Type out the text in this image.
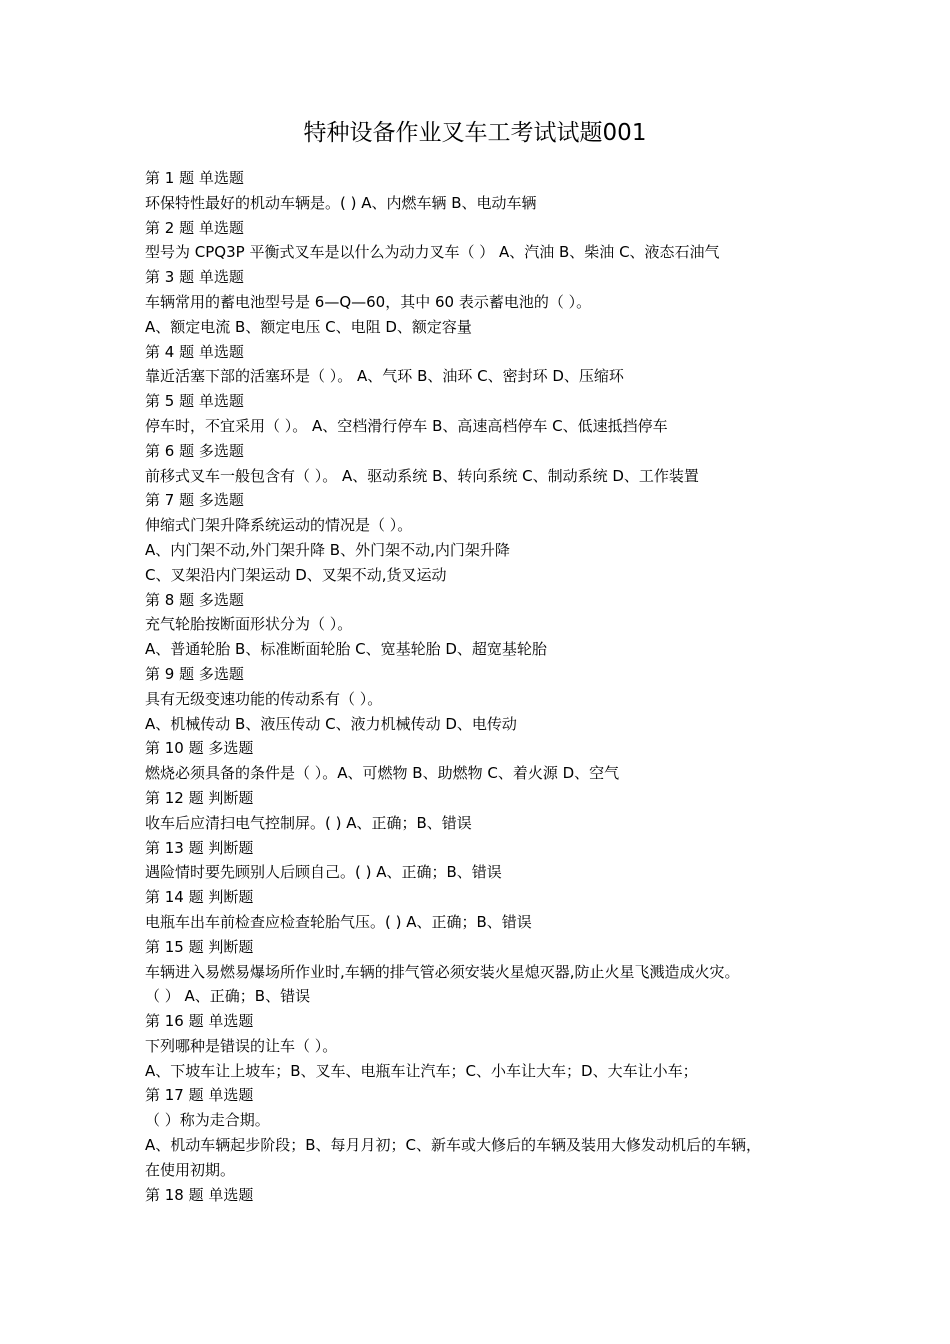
特种设备作业叉车工考试试题001
第 1 题 单选题
环保特性最好的机动车辆是。( ) A、内燃车辆 B、电动车辆
第 2 题 单选题
型号为 CPQ3P 平衡式叉车是以什么为动力叉车（ ） A、汽油 B、柴油 C、液态石油气
第 3 题 单选题
车辆常用的蓄电池型号是 6—Q—60，其中 60 表示蓄电池的（ ）。
A、额定电流 B、额定电压 C、电阻 D、额定容量
第 4 题 单选题
靠近活塞下部的活塞环是（ ）。 A、气环 B、油环 C、密封环 D、压缩环
第 5 题 单选题
停车时，不宜采用（ ）。 A、空档滑行停车 B、高速高档停车 C、低速抵挡停车
第 6 题 多选题
前移式叉车一般包含有（ ）。 A、驱动系统 B、转向系统 C、制动系统 D、工作装置
第 7 题 多选题
伸缩式门架升降系统运动的情况是（ ）。
A、内门架不动,外门架升降 B、外门架不动,内门架升降
C、叉架沿内门架运动 D、叉架不动,货叉运动
第 8 题 多选题
充气轮胎按断面形状分为（ ）。
A、普通轮胎 B、标准断面轮胎 C、宽基轮胎 D、超宽基轮胎
第 9 题 多选题
具有无级变速功能的传动系有（ ）。
A、机械传动 B、液压传动 C、液力机械传动 D、电传动
第 10 题 多选题
燃烧必须具备的条件是（ ）。A、可燃物 B、助燃物 C、着火源 D、空气
第 12 题 判断题
收车后应清扫电气控制屏。( ) A、正确；B、错误
第 13 题 判断题
遇险情时要先顾别人后顾自己。( ) A、正确；B、错误
第 14 题 判断题
电瓶车出车前检查应检查轮胎气压。( ) A、正确；B、错误
第 15 题 判断题
车辆进入易燃易爆场所作业时,车辆的排气管必须安装火星熄灭器,防止火星飞溅造成火灾。
（ ） A、正确；B、错误
第 16 题 单选题
下列哪种是错误的让车（ ）。
A、下坡车让上坡车；B、叉车、电瓶车让汽车；C、小车让大车；D、大车让小车；
第 17 题 单选题
（ ）称为走合期。
A、机动车辆起步阶段；B、每月月初；C、新车或大修后的车辆及装用大修发动机后的车辆，
在使用初期。
第 18 题 单选题
